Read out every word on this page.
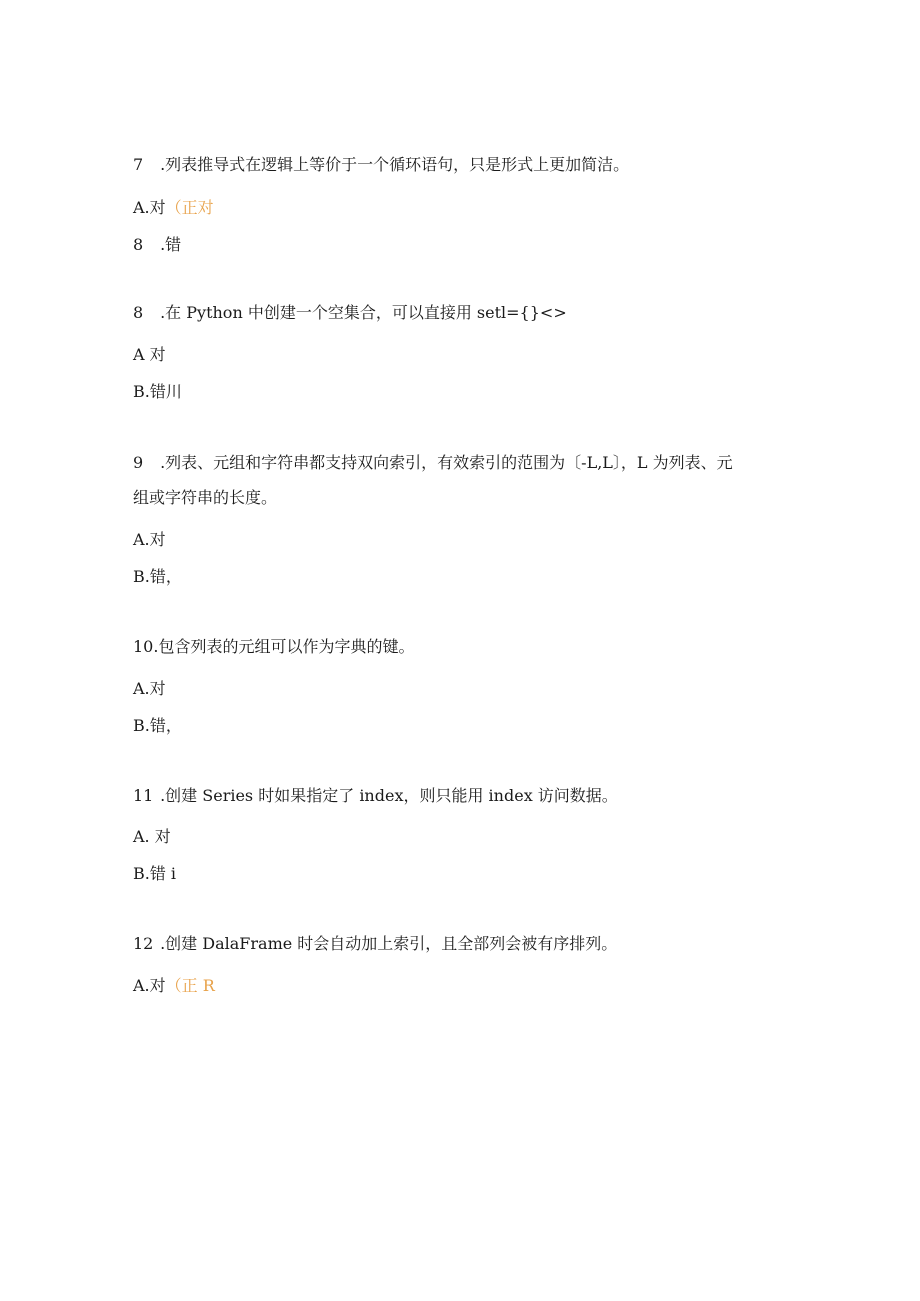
7 .列表推导式在逻辑上等价于一个循环语句，只是形式上更加简洁。
A.对（正对
8 .错
8 .在 Python 中创建一个空集合，可以直接用 setl={}<>
A 对
B.错川
9 .列表、元组和字符串都支持双向索引，有效索引的范围为〔-L,L〕，L 为列表、元
组或字符串的长度。
A.对
B.错，
10.包含列表的元组可以作为字典的键。
A.对
B.错，
11 .创建 Series 时如果指定了 index，则只能用 index 访问数据。
A. 对
B.错 i
12 .创建 DalaFrame 时会自动加上索引，且全部列会被有序排列。
A.对（正 R
